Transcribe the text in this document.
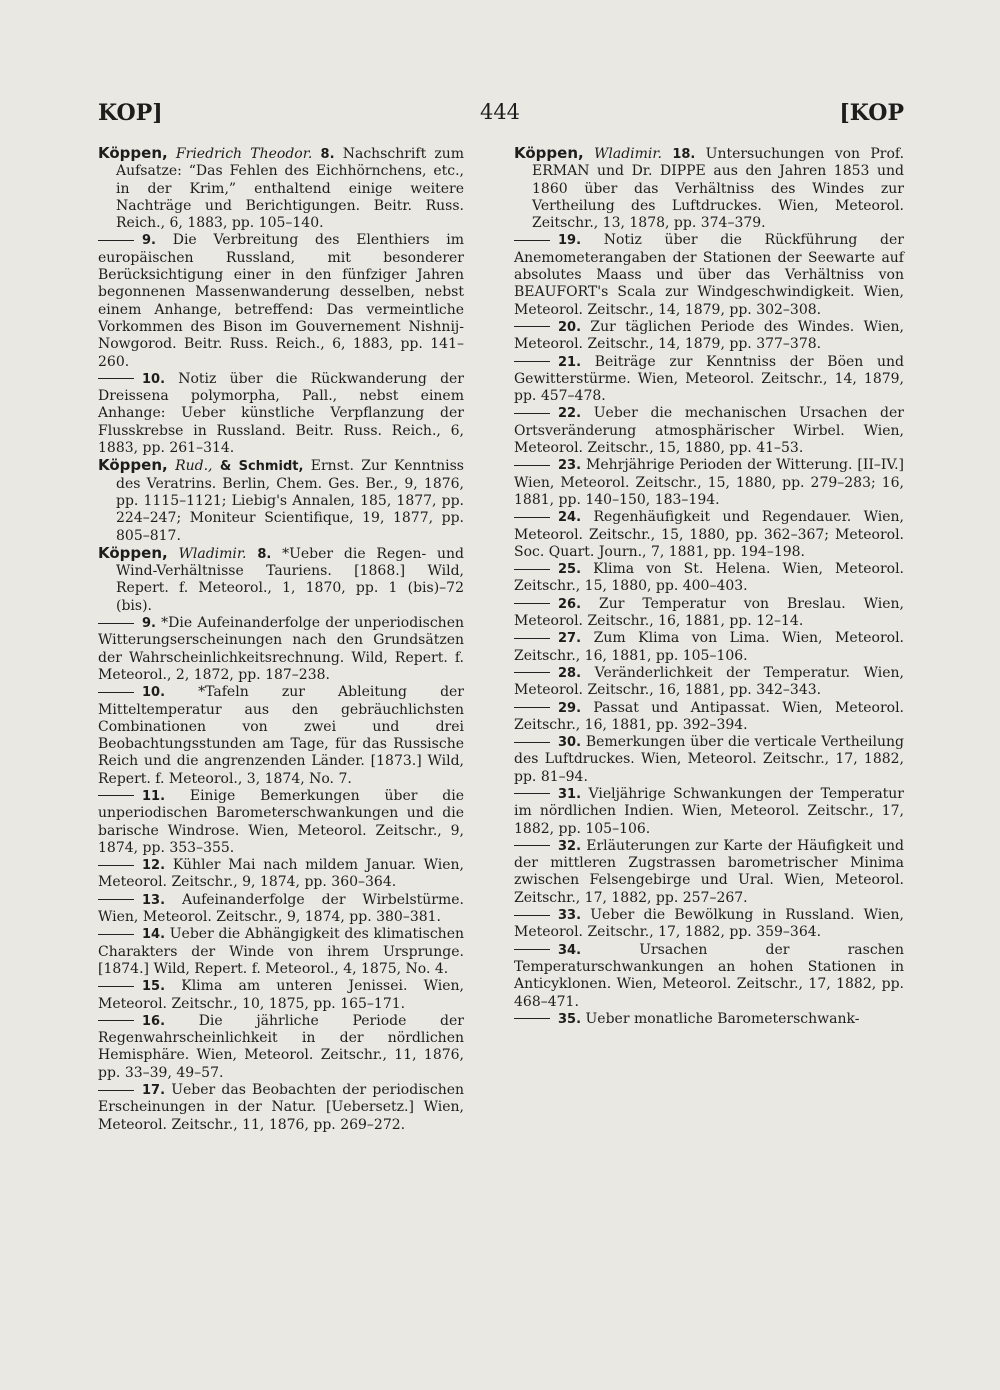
KOP]	444	[KOP

Köppen, Friedrich Theodor. 8. Nachschrift zum Aufsatze: “Das Fehlen des Eichhörnchens, etc., in der Krim,” enthaltend einige weitere Nachträge und Berichtigungen. Beitr. Russ. Reich., 6, 1883, pp. 105–140.

9. Die Verbreitung des Elenthiers im europäischen Russland, mit besonderer Berücksichtigung einer in den fünfziger Jahren begonnenen Massenwanderung desselben, nebst einem Anhange, betreffend: Das vermeintliche Vorkommen des Bison im Gouvernement Nishnij-Nowgorod. Beitr. Russ. Reich., 6, 1883, pp. 141–260.

10. Notiz über die Rückwanderung der Dreissena polymorpha, Pall., nebst einem Anhange: Ueber künstliche Verpflanzung der Flusskrebse in Russland. Beitr. Russ. Reich., 6, 1883, pp. 261–314.

Köppen, Rud., & Schmidt, Ernst. Zur Kenntniss des Veratrins. Berlin, Chem. Ges. Ber., 9, 1876, pp. 1115–1121; Liebig's Annalen, 185, 1877, pp. 224–247; Moniteur Scientifique, 19, 1877, pp. 805–817.

Köppen, Wladimir. 8. *Ueber die Regen- und Wind-Verhältnisse Tauriens. [1868.] Wild, Repert. f. Meteorol., 1, 1870, pp. 1 (bis)–72 (bis).

9. *Die Aufeinanderfolge der unperiodischen Witterungserscheinungen nach den Grundsätzen der Wahrscheinlichkeitsrechnung. Wild, Repert. f. Meteorol., 2, 1872, pp. 187–238.

10. *Tafeln zur Ableitung der Mitteltemperatur aus den gebräuchlichsten Combinationen von zwei und drei Beobachtungsstunden am Tage, für das Russische Reich und die angrenzenden Länder. [1873.] Wild, Repert. f. Meteorol., 3, 1874, No. 7.

11. Einige Bemerkungen über die unperiodischen Barometerschwankungen und die barische Windrose. Wien, Meteorol. Zeitschr., 9, 1874, pp. 353–355.

12. Kühler Mai nach mildem Januar. Wien, Meteorol. Zeitschr., 9, 1874, pp. 360–364.

13. Aufeinanderfolge der Wirbelstürme. Wien, Meteorol. Zeitschr., 9, 1874, pp. 380–381.

14. Ueber die Abhängigkeit des klimatischen Charakters der Winde von ihrem Ursprunge. [1874.] Wild, Repert. f. Meteorol., 4, 1875, No. 4.

15. Klima am unteren Jenissei. Wien, Meteorol. Zeitschr., 10, 1875, pp. 165–171.

16. Die jährliche Periode der Regenwahrscheinlichkeit in der nördlichen Hemisphäre. Wien, Meteorol. Zeitschr., 11, 1876, pp. 33–39, 49–57.

17. Ueber das Beobachten der periodischen Erscheinungen in der Natur. [Uebersetz.] Wien, Meteorol. Zeitschr., 11, 1876, pp. 269–272.

Köppen, Wladimir. 18. Untersuchungen von Prof. ERMAN und Dr. DIPPE aus den Jahren 1853 und 1860 über das Verhältniss des Windes zur Vertheilung des Luftdruckes. Wien, Meteorol. Zeitschr., 13, 1878, pp. 374–379.

19. Notiz über die Rückführung der Anemometerangaben der Stationen der Seewarte auf absolutes Maass und über das Verhältniss von BEAUFORT's Scala zur Windgeschwindigkeit. Wien, Meteorol. Zeitschr., 14, 1879, pp. 302–308.

20. Zur täglichen Periode des Windes. Wien, Meteorol. Zeitschr., 14, 1879, pp. 377–378.

21. Beiträge zur Kenntniss der Böen und Gewitterstürme. Wien, Meteorol. Zeitschr., 14, 1879, pp. 457–478.

22. Ueber die mechanischen Ursachen der Ortsveränderung atmosphärischer Wirbel. Wien, Meteorol. Zeitschr., 15, 1880, pp. 41–53.

23. Mehrjährige Perioden der Witterung. [II–IV.] Wien, Meteorol. Zeitschr., 15, 1880, pp. 279–283; 16, 1881, pp. 140–150, 183–194.

24. Regenhäufigkeit und Regendauer. Wien, Meteorol. Zeitschr., 15, 1880, pp. 362–367; Meteorol. Soc. Quart. Journ., 7, 1881, pp. 194–198.

25. Klima von St. Helena. Wien, Meteorol. Zeitschr., 15, 1880, pp. 400–403.

26. Zur Temperatur von Breslau. Wien, Meteorol. Zeitschr., 16, 1881, pp. 12–14.

27. Zum Klima von Lima. Wien, Meteorol. Zeitschr., 16, 1881, pp. 105–106.

28. Veränderlichkeit der Temperatur. Wien, Meteorol. Zeitschr., 16, 1881, pp. 342–343.

29. Passat und Antipassat. Wien, Meteorol. Zeitschr., 16, 1881, pp. 392–394.

30. Bemerkungen über die verticale Vertheilung des Luftdruckes. Wien, Meteorol. Zeitschr., 17, 1882, pp. 81–94.

31. Vieljährige Schwankungen der Temperatur im nördlichen Indien. Wien, Meteorol. Zeitschr., 17, 1882, pp. 105–106.

32. Erläuterungen zur Karte der Häufigkeit und der mittleren Zugstrassen barometrischer Minima zwischen Felsengebirge und Ural. Wien, Meteorol. Zeitschr., 17, 1882, pp. 257–267.

33. Ueber die Bewölkung in Russland. Wien, Meteorol. Zeitschr., 17, 1882, pp. 359–364.

34.	Ursachen der raschen Temperaturschwankungen an hohen Stationen in Anticyklonen. Wien, Meteorol. Zeitschr., 17, 1882, pp. 468–471.

35. Ueber monatliche Barometerschwank-
